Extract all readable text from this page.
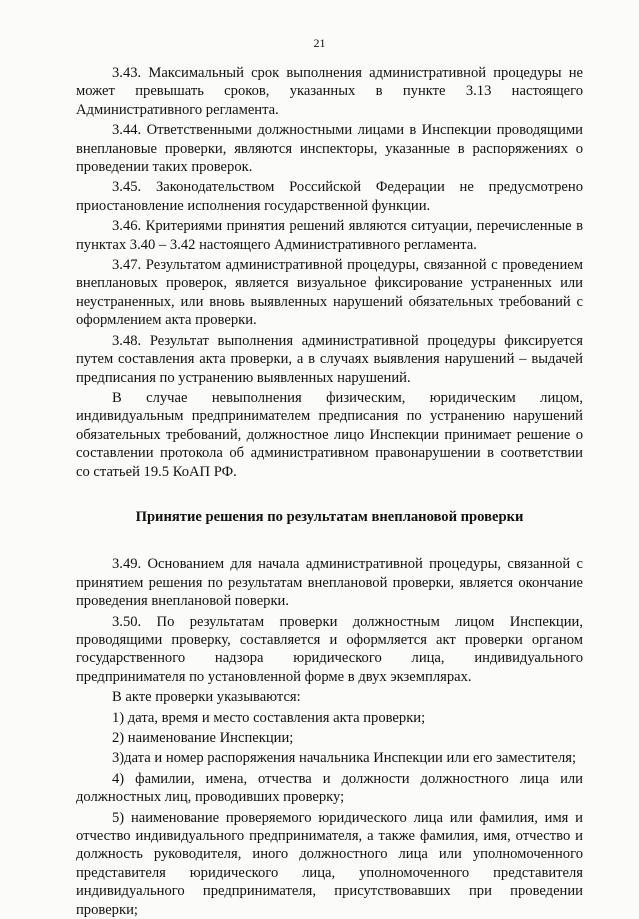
21

3.43. Максимальный срок выполнения административной процедуры не может превышать сроков, указанных в пункте 3.13 настоящего Административного регламента.

3.44. Ответственными должностными лицами в Инспекции проводящими внеплановые проверки, являются инспекторы, указанные в распоряжениях о проведении таких проверок.

3.45. Законодательством Российской Федерации не предусмотрено приостановление исполнения государственной функции.

3.46. Критериями принятия решений являются ситуации, перечисленные в пунктах 3.40 – 3.42 настоящего Административного регламента.

3.47. Результатом административной процедуры, связанной с проведением внеплановых проверок, является визуальное фиксирование устраненных или неустраненных, или вновь выявленных нарушений обязательных требований с оформлением акта проверки.

3.48. Результат выполнения административной процедуры фиксируется путем составления акта проверки, а в случаях выявления нарушений – выдачей предписания по устранению выявленных нарушений.

В случае невыполнения физическим, юридическим лицом, индивидуальным предпринимателем предписания по устранению нарушений обязательных требований, должностное лицо Инспекции принимает решение о составлении протокола об административном правонарушении в соответствии со статьей 19.5 КоАП РФ.

Принятие решения по результатам внеплановой проверки

3.49. Основанием для начала административной процедуры, связанной с принятием решения по результатам внеплановой проверки, является окончание проведения внеплановой поверки.

3.50. По результатам проверки должностным лицом Инспекции, проводящими проверку, составляется и оформляется акт проверки органом государственного надзора юридического лица, индивидуального предпринимателя по установленной форме в двух экземплярах.

В акте проверки указываются:

1) дата, время и место составления акта проверки;

2) наименование Инспекции;

3)дата и номер распоряжения начальника Инспекции или его заместителя;

4) фамилии, имена, отчества и должности должностного лица или должностных лиц, проводивших проверку;

5) наименование проверяемого юридического лица или фамилия, имя и отчество индивидуального предпринимателя, а также фамилия, имя, отчество и должность руководителя, иного должностного лица или уполномоченного представителя юридического лица, уполномоченного представителя индивидуального предпринимателя, присутствовавших при проведении проверки;
